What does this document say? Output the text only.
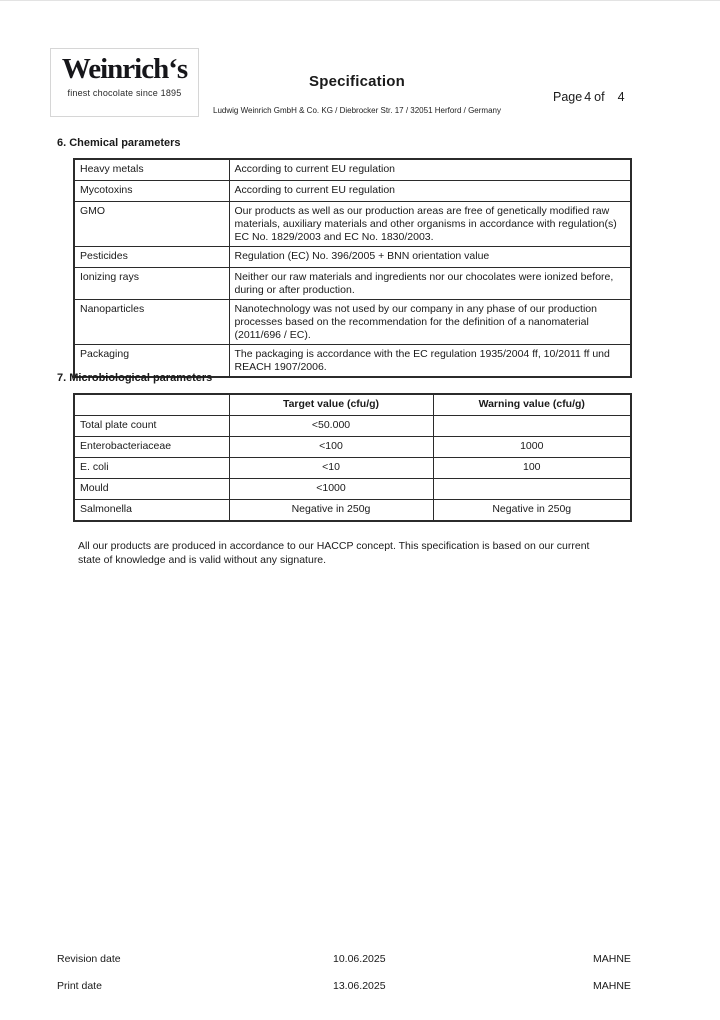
Weinrich‘s
finest chocolate since 1895
Specification
Page 4 of 4
Ludwig Weinrich GmbH & Co. KG / Diebrocker Str. 17 / 32051 Herford / Germany
6. Chemical parameters
Heavy metals	According to current EU regulation
Mycotoxins	According to current EU regulation
GMO	Our products as well as our production areas are free of genetically modified raw materials, auxiliary materials and other organisms in accordance with regulation(s) EC No. 1829/2003 and EC No. 1830/2003.
Pesticides	Regulation (EC) No. 396/2005 + BNN orientation value
Ionizing rays	Neither our raw materials and ingredients nor our chocolates were ionized before, during or after production.
Nanoparticles	Nanotechnology was not used by our company in any phase of our production processes based on the recommendation for the definition of a nanomaterial (2011/696 / EC).
Packaging	The packaging is accordance with the EC regulation 1935/2004 ff, 10/2011 ff und REACH 1907/2006.
7. Microbiological parameters
	Target value (cfu/g)	Warning value (cfu/g)
Total plate count	<50.000	
Enterobacteriaceae	<100	1000
E. coli	<10	100
Mould	<1000	
Salmonella	Negative in 250g	Negative in 250g

All our products are produced in accordance to our HACCP concept. This specification is based on our current state of knowledge and is valid without any signature.

Revision date	10.06.2025	MAHNE
Print date	13.06.2025	MAHNE
